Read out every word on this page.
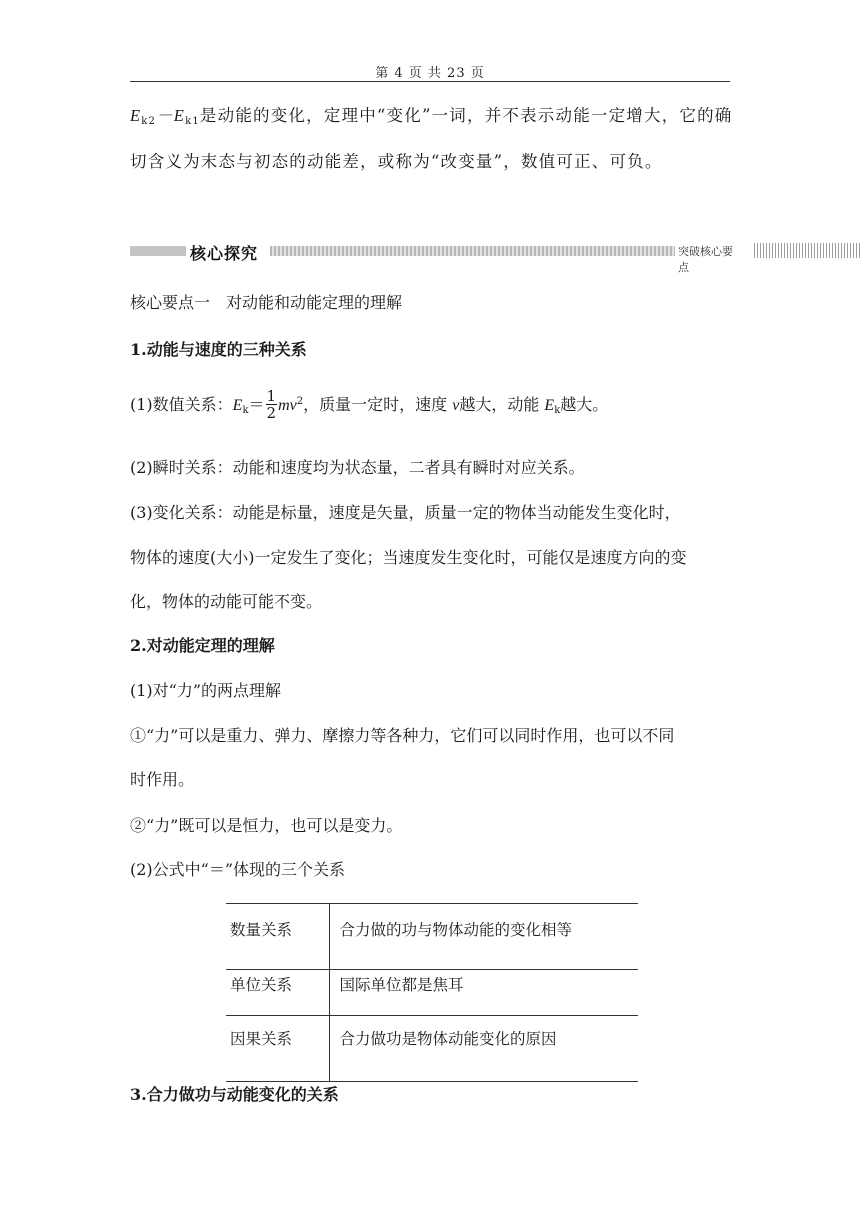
第 4 页 共 23 页
$E_{k2}-E_{k1}$是动能的变化，定理中“变化”一词，并不表示动能一定增大，它的确
切含义为末态与初态的动能差，或称为“改变量”，数值可正、可负。
核心探究	突破核心要点
核心要点一　对动能和动能定理的理解
1.动能与速度的三种关系
(1)数值关系：$E_k= \frac{1}{2} mv^2$，质量一定时，速度 v越大，动能 $E_k$越大。
(2)瞬时关系：动能和速度均为状态量，二者具有瞬时对应关系。
(3)变化关系：动能是标量，速度是矢量，质量一定的物体当动能发生变化时，
物体的速度(大小)一定发生了变化；当速度发生变化时，可能仅是速度方向的变
化，物体的动能可能不变。
2.对动能定理的理解
(1)对“力”的两点理解
①“力”可以是重力、弹力、摩擦力等各种力，它们可以同时作用，也可以不同
时作用。
②“力”既可以是恒力，也可以是变力。
(2)公式中“＝”体现的三个关系
数量关系	合力做的功与物体动能的变化相等
单位关系	国际单位都是焦耳
因果关系	合力做功是物体动能变化的原因
3.合力做功与动能变化的关系
